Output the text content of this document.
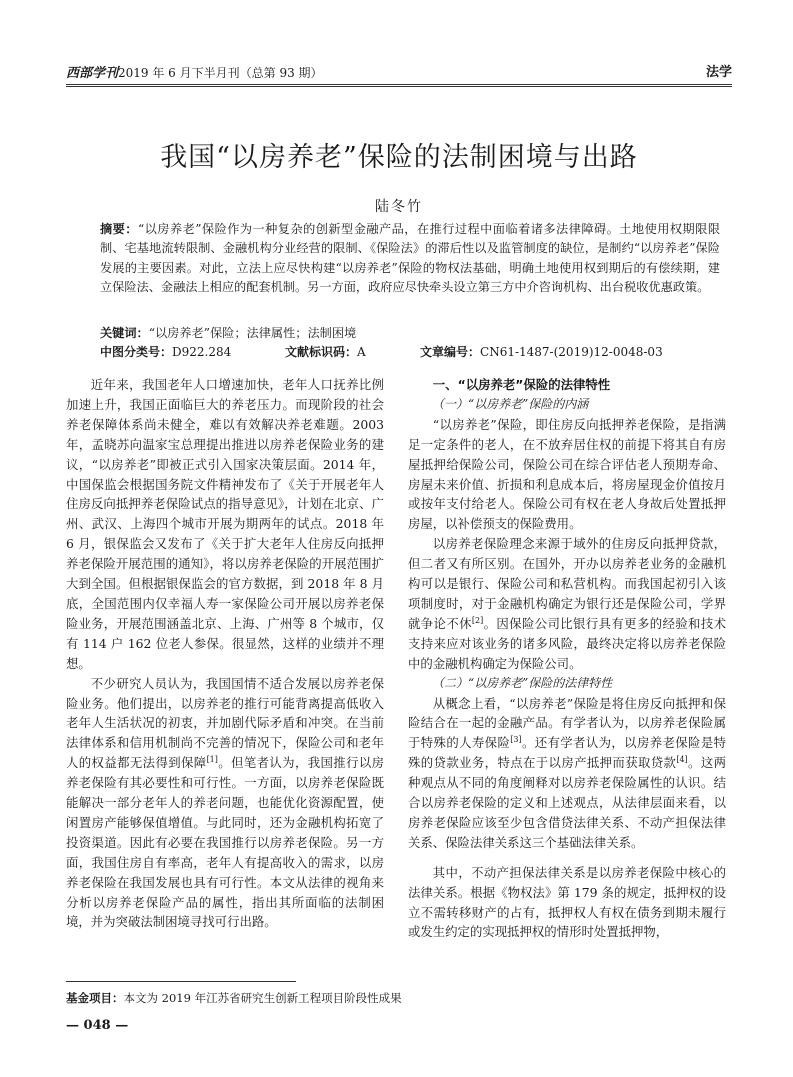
西部学刊2019 年 6 月下半月刊（总第 93 期）	法学
我国“以房养老”保险的法制困境与出路
陆冬竹
摘要：“以房养老”保险作为一种复杂的创新型金融产品，在推行过程中面临着诸多法律障碍。土地使用权期限限制、宅基地流转限制、金融机构分业经营的限制、《保险法》的滞后性以及监管制度的缺位，是制约“以房养老”保险发展的主要因素。对此，立法上应尽快构建“以房养老”保险的物权法基础，明确土地使用权到期后的有偿续期，建立保险法、金融法上相应的配套机制。另一方面，政府应尽快牵头设立第三方中介咨询机构、出台税收优惠政策。
关键词：“以房养老”保险；法律属性；法制困境
中图分类号： D922.284	文献标识码： A	文章编号： CN61-1487-(2019)12-0048-03

近年来，我国老年人口增速加快，老年人口抚养比例加速上升，我国正面临巨大的养老压力。而现阶段的社会养老保障体系尚未健全，难以有效解决养老难题。2003 年，孟晓苏向温家宝总理提出推进以房养老保险业务的建议，“以房养老”即被正式引入国家决策层面。2014 年，中国保监会根据国务院文件精神发布了《关于开展老年人住房反向抵押养老保险试点的指导意见》，计划在北京、广州、武汉、上海四个城市开展为期两年的试点。2018 年 6 月，银保监会又发布了《关于扩大老年人住房反向抵押养老保险开展范围的通知》，将以房养老保险的开展范围扩大到全国。但根据银保监会的官方数据，到 2018 年 8 月底，全国范围内仅幸福人寿一家保险公司开展以房养老保险业务，开展范围涵盖北京、上海、广州等 8 个城市，仅有 114 户 162 位老人参保。很显然，这样的业绩并不理想。

不少研究人员认为，我国国情不适合发展以房养老保险业务。他们提出，以房养老的推行可能背离提高低收入老年人生活状况的初衷，并加剧代际矛盾和冲突。在当前法律体系和信用机制尚不完善的情况下，保险公司和老年人的权益都无法得到保障[1]。但笔者认为，我国推行以房养老保险有其必要性和可行性。一方面，以房养老保险既能解决一部分老年人的养老问题，也能优化资源配置，使闲置房产能够保值增值。与此同时，还为金融机构拓宽了投资渠道。因此有必要在我国推行以房养老保险。另一方面，我国住房自有率高，老年人有提高收入的需求，以房养老保险在我国发展也具有可行性。本文从法律的视角来分析以房养老保险产品的属性，指出其所面临的法制困境，并为突破法制困境寻找可行出路。

一、“以房养老”保险的法律特性

（一）“以房养老”保险的内涵

“以房养老”保险，即住房反向抵押养老保险，是指满足一定条件的老人，在不放弃居住权的前提下将其自有房屋抵押给保险公司，保险公司在综合评估老人预期寿命、房屋未来价值、折损和利息成本后，将房屋现金价值按月或按年支付给老人。保险公司有权在老人身故后处置抵押房屋，以补偿预支的保险费用。

以房养老保险理念来源于域外的住房反向抵押贷款，但二者又有所区别。在国外，开办以房养老业务的金融机构可以是银行、保险公司和私营机构。而我国起初引入该项制度时，对于金融机构确定为银行还是保险公司，学界就争论不休[2]。因保险公司比银行具有更多的经验和技术支持来应对该业务的诸多风险，最终决定将以房养老保险中的金融机构确定为保险公司。

（二）“以房养老”保险的法律特性

从概念上看，“以房养老”保险是将住房反向抵押和保险结合在一起的金融产品。有学者认为，以房养老保险属于特殊的人寿保险[3]。还有学者认为，以房养老保险是特殊的贷款业务，特点在于以房产抵押而获取贷款[4]。这两种观点从不同的角度阐释对以房养老保险属性的认识。结合以房养老保险的定义和上述观点，从法律层面来看，以房养老保险应该至少包含借贷法律关系、不动产担保法律关系、保险法律关系这三个基础法律关系。

其中，不动产担保法律关系是以房养老保险中核心的法律关系。根据《物权法》第 179 条的规定，抵押权的设立不需转移财产的占有，抵押权人有权在债务到期未履行或发生约定的实现抵押权的情形时处置抵押物，

基金项目：本文为 2019 年江苏省研究生创新工程项目阶段性成果
— 048 —
